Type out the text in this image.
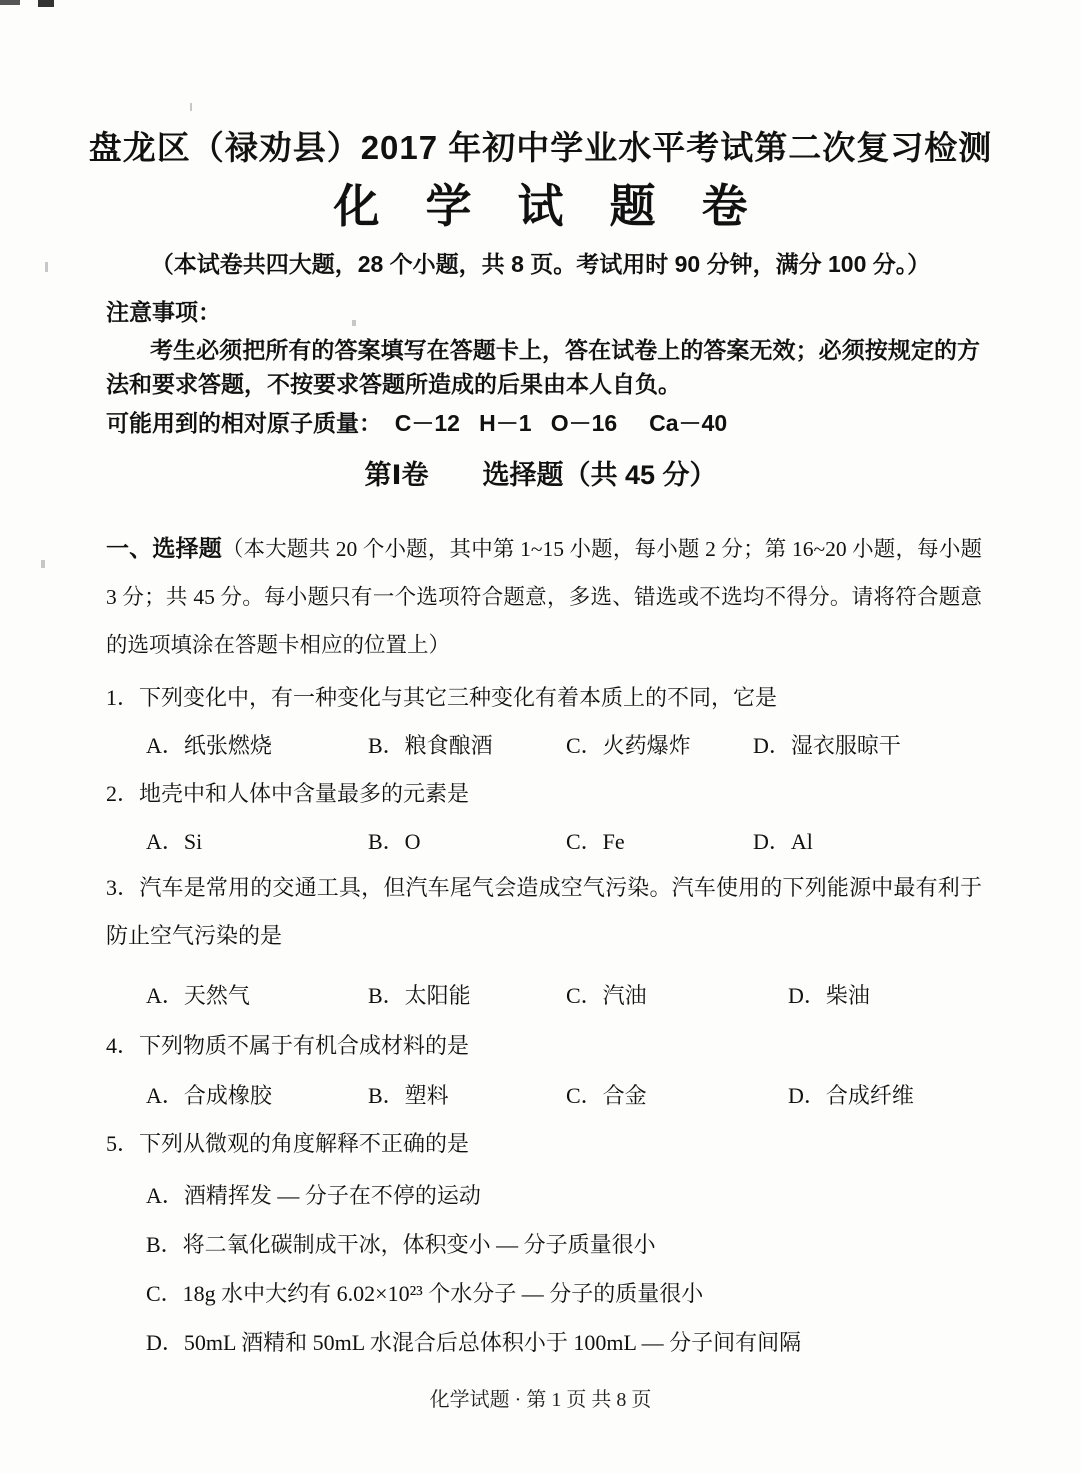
盘龙区（禄劝县）2017 年初中学业水平考试第二次复习检测
化　学　试　题　卷
（本试卷共四大题，28 个小题，共 8 页。考试用时 90 分钟，满分 100 分。）
注意事项：
考生必须把所有的答案填写在答题卡上，答在试卷上的答案无效；必须按规定的方法和要求答题，不按要求答题所造成的后果由本人自负。
可能用到的相对原子质量：  C－12   H－1   O－16     Ca－40
第Ⅰ卷　　选择题（共 45 分）
一、选择题（本大题共 20 个小题，其中第 1~15 小题，每小题 2 分；第 16~20 小题，每小题 3 分；共 45 分。每小题只有一个选项符合题意，多选、错选或不选均不得分。请将符合题意的选项填涂在答题卡相应的位置上）
1．下列变化中，有一种变化与其它三种变化有着本质上的不同，它是
A．纸张燃烧	B．粮食酿酒	C．火药爆炸	D．湿衣服晾干
2．地壳中和人体中含量最多的元素是
A．Si	B．O	C．Fe	D．Al
3．汽车是常用的交通工具，但汽车尾气会造成空气污染。汽车使用的下列能源中最有利于防止空气污染的是
A．天然气	B．太阳能	C．汽油	D．柴油
4．下列物质不属于有机合成材料的是
A．合成橡胶	B．塑料	C．合金	D．合成纤维
5．下列从微观的角度解释不正确的是
A．酒精挥发 — 分子在不停的运动
B．将二氧化碳制成干冰，体积变小 — 分子质量很小
C．18g 水中大约有 6.02×10²³ 个水分子 — 分子的质量很小
D．50mL 酒精和 50mL 水混合后总体积小于 100mL — 分子间有间隔
化学试题 · 第 1 页 共 8 页
